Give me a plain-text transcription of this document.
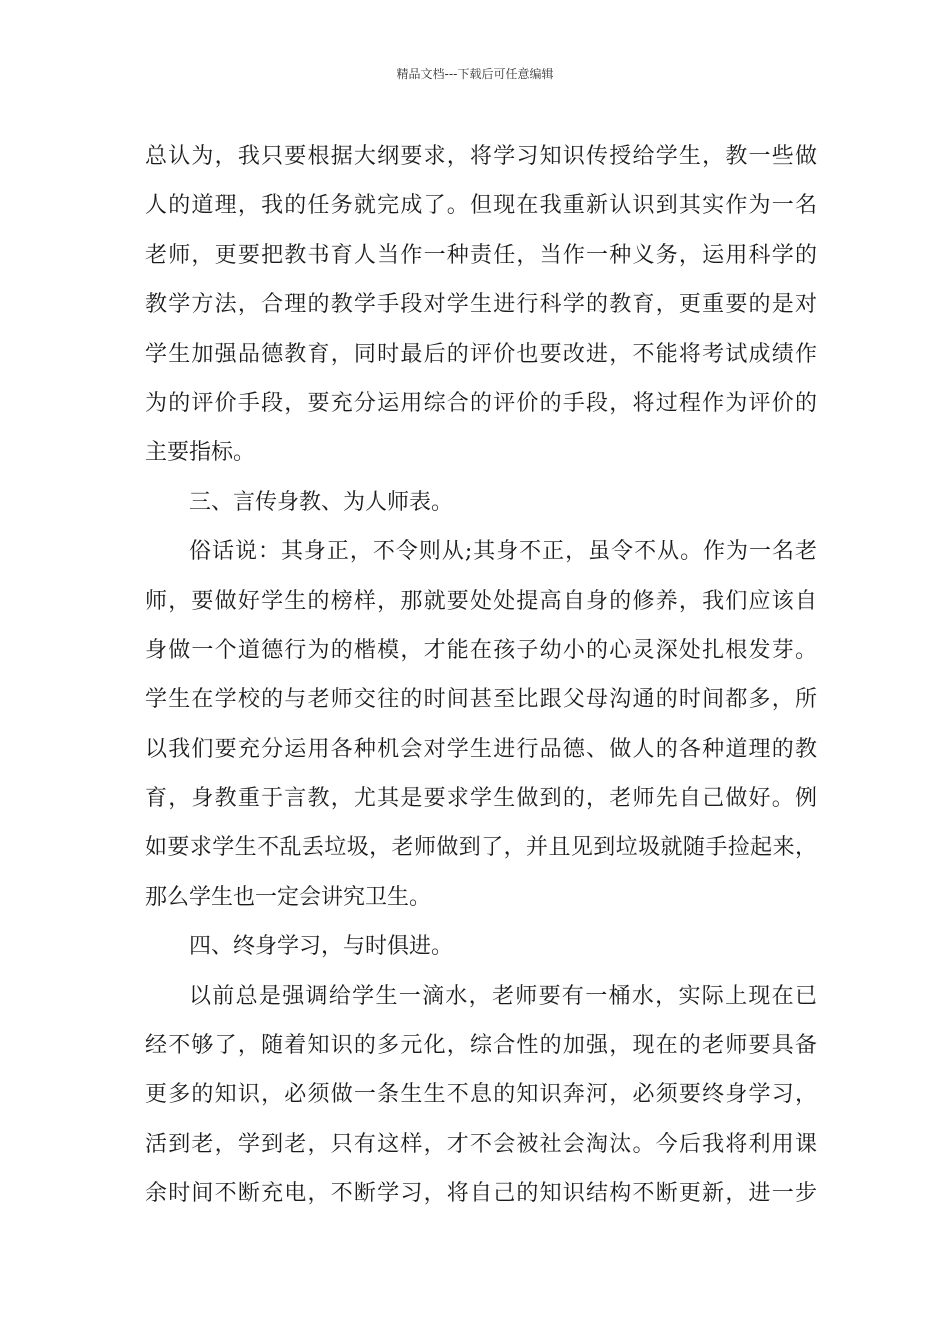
精品文档---下载后可任意编辑
总认为，我只要根据大纲要求，将学习知识传授给学生，教一些做
人的道理，我的任务就完成了。但现在我重新认识到其实作为一名
老师，更要把教书育人当作一种责任，当作一种义务，运用科学的
教学方法，合理的教学手段对学生进行科学的教育，更重要的是对
学生加强品德教育，同时最后的评价也要改进，不能将考试成绩作
为的评价手段，要充分运用综合的评价的手段，将过程作为评价的
主要指标。
三、言传身教、为人师表。
俗话说：其身正，不令则从;其身不正，虽令不从。作为一名老
师，要做好学生的榜样，那就要处处提高自身的修养，我们应该自
身做一个道德行为的楷模，才能在孩子幼小的心灵深处扎根发芽。
学生在学校的与老师交往的时间甚至比跟父母沟通的时间都多，所
以我们要充分运用各种机会对学生进行品德、做人的各种道理的教
育，身教重于言教，尤其是要求学生做到的，老师先自己做好。例
如要求学生不乱丢垃圾，老师做到了，并且见到垃圾就随手捡起来，
那么学生也一定会讲究卫生。
四、终身学习，与时俱进。
以前总是强调给学生一滴水，老师要有一桶水，实际上现在已
经不够了，随着知识的多元化，综合性的加强，现在的老师要具备
更多的知识，必须做一条生生不息的知识奔河，必须要终身学习，
活到老，学到老，只有这样，才不会被社会淘汰。今后我将利用课
余时间不断充电，不断学习，将自己的知识结构不断更新，进一步
